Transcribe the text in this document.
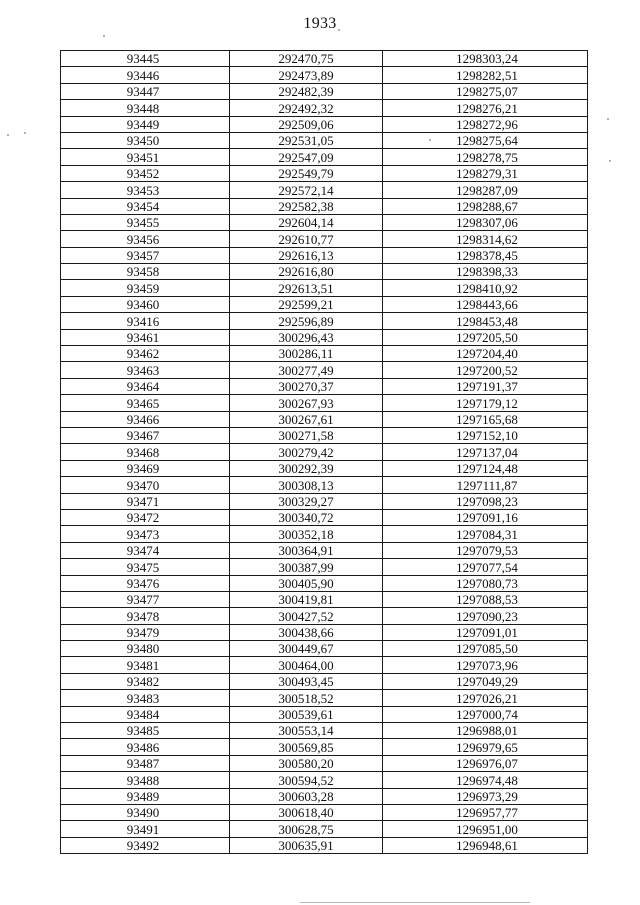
1933
93445	292470,75	1298303,24
93446	292473,89	1298282,51
93447	292482,39	1298275,07
93448	292492,32	1298276,21
93449	292509,06	1298272,96
93450	292531,05	1298275,64
93451	292547,09	1298278,75
93452	292549,79	1298279,31
93453	292572,14	1298287,09
93454	292582,38	1298288,67
93455	292604,14	1298307,06
93456	292610,77	1298314,62
93457	292616,13	1298378,45
93458	292616,80	1298398,33
93459	292613,51	1298410,92
93460	292599,21	1298443,66
93416	292596,89	1298453,48
93461	300296,43	1297205,50
93462	300286,11	1297204,40
93463	300277,49	1297200,52
93464	300270,37	1297191,37
93465	300267,93	1297179,12
93466	300267,61	1297165,68
93467	300271,58	1297152,10
93468	300279,42	1297137,04
93469	300292,39	1297124,48
93470	300308,13	1297111,87
93471	300329,27	1297098,23
93472	300340,72	1297091,16
93473	300352,18	1297084,31
93474	300364,91	1297079,53
93475	300387,99	1297077,54
93476	300405,90	1297080,73
93477	300419,81	1297088,53
93478	300427,52	1297090,23
93479	300438,66	1297091,01
93480	300449,67	1297085,50
93481	300464,00	1297073,96
93482	300493,45	1297049,29
93483	300518,52	1297026,21
93484	300539,61	1297000,74
93485	300553,14	1296988,01
93486	300569,85	1296979,65
93487	300580,20	1296976,07
93488	300594,52	1296974,48
93489	300603,28	1296973,29
93490	300618,40	1296957,77
93491	300628,75	1296951,00
93492	300635,91	1296948,61
